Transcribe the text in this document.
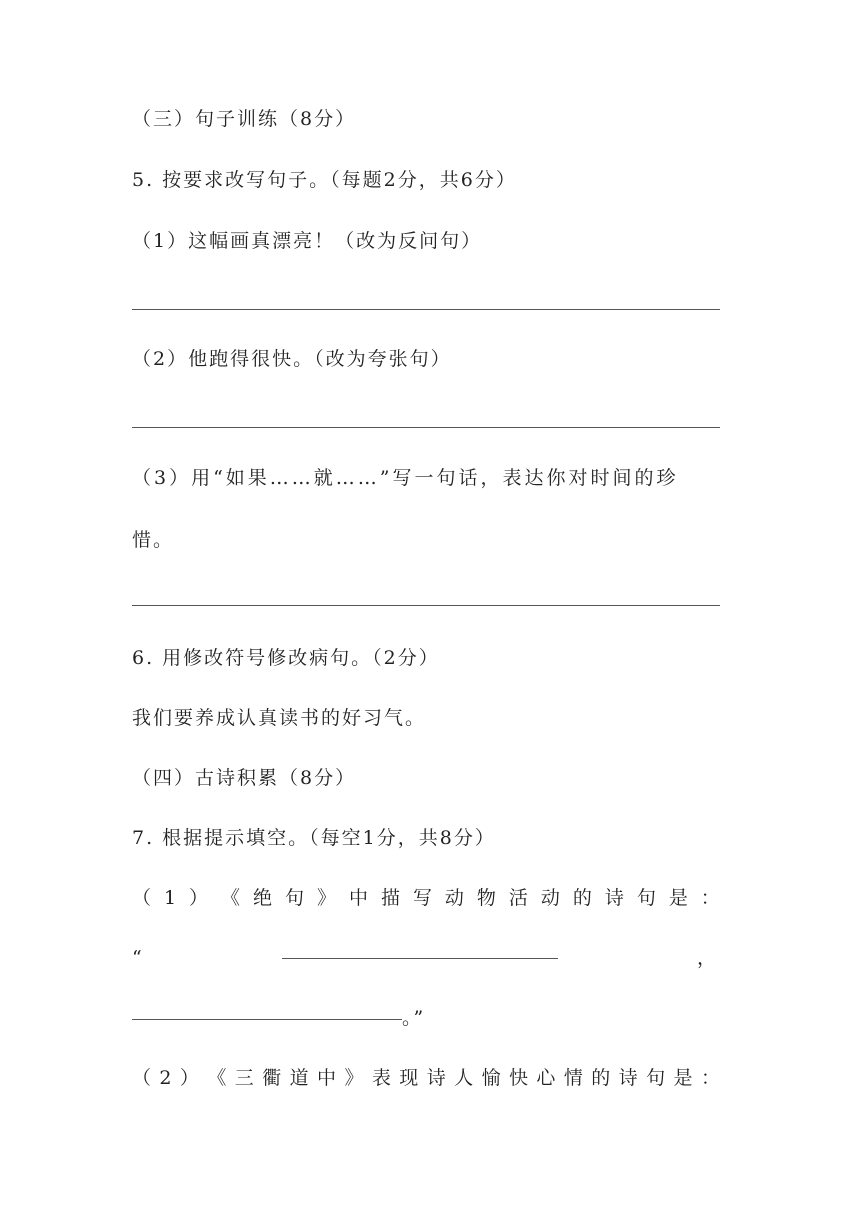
（三）句子训练（8分）
5. 按要求改写句子。（每题2分，共6分）
（1）这幅画真漂亮！（改为反问句）
（2）他跑得很快。（改为夸张句）
（3）用“如果……就……”写一句话，表达你对时间的珍
惜。
6. 用修改符号修改病句。（2分）
我们要养成认真读书的好习气。
（四）古诗积累（8分）
7. 根据提示填空。（每空1分，共8分）
（ 1 ） 《 绝 句 》 中 描 写 动 物 活 动 的 诗 句 是 ：
“	，
。”
（ 2 ） 《 三 衢 道 中 》 表 现 诗 人 愉 快 心 情 的 诗 句 是 ：
